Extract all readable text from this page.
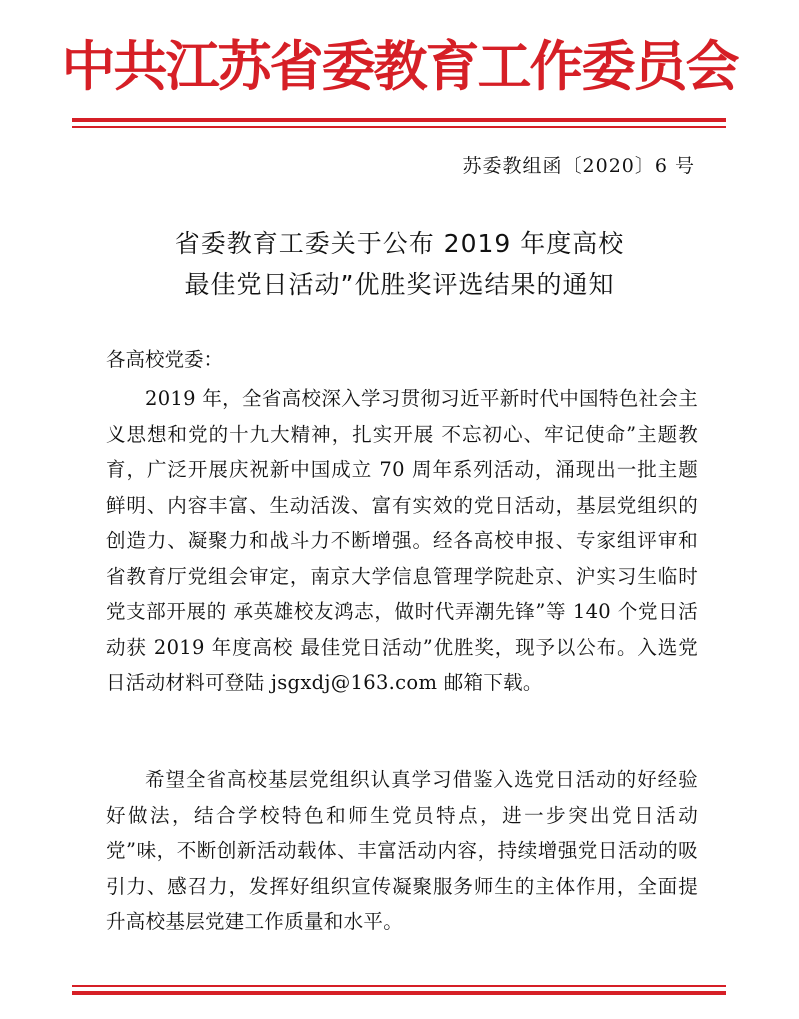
中共江苏省委教育工作委员会
苏委教组函〔2020〕6 号
省委教育工委关于公布 2019 年度高校
最佳党日活动”优胜奖评选结果的通知
各高校党委：

2019 年，全省高校深入学习贯彻习近平新时代中国特色社会主义思想和党的十九大精神，扎实开展 不忘初心、牢记使命”主题教育，广泛开展庆祝新中国成立 70 周年系列活动，涌现出一批主题鲜明、内容丰富、生动活泼、富有实效的党日活动，基层党组织的创造力、凝聚力和战斗力不断增强。经各高校申报、专家组评审和省教育厅党组会审定，南京大学信息管理学院赴京、沪实习生临时党支部开展的 承英雄校友鸿志，做时代弄潮先锋”等 140 个党日活动获 2019 年度高校 最佳党日活动”优胜奖，现予以公布。入选党日活动材料可登陆 jsgxdj@163.com 邮箱下载。

希望全省高校基层党组织认真学习借鉴入选党日活动的好经验好做法，结合学校特色和师生党员特点，进一步突出党日活动 党”味，不断创新活动载体、丰富活动内容，持续增强党日活动的吸引力、感召力，发挥好组织宣传凝聚服务师生的主体作用，全面提升高校基层党建工作质量和水平。
